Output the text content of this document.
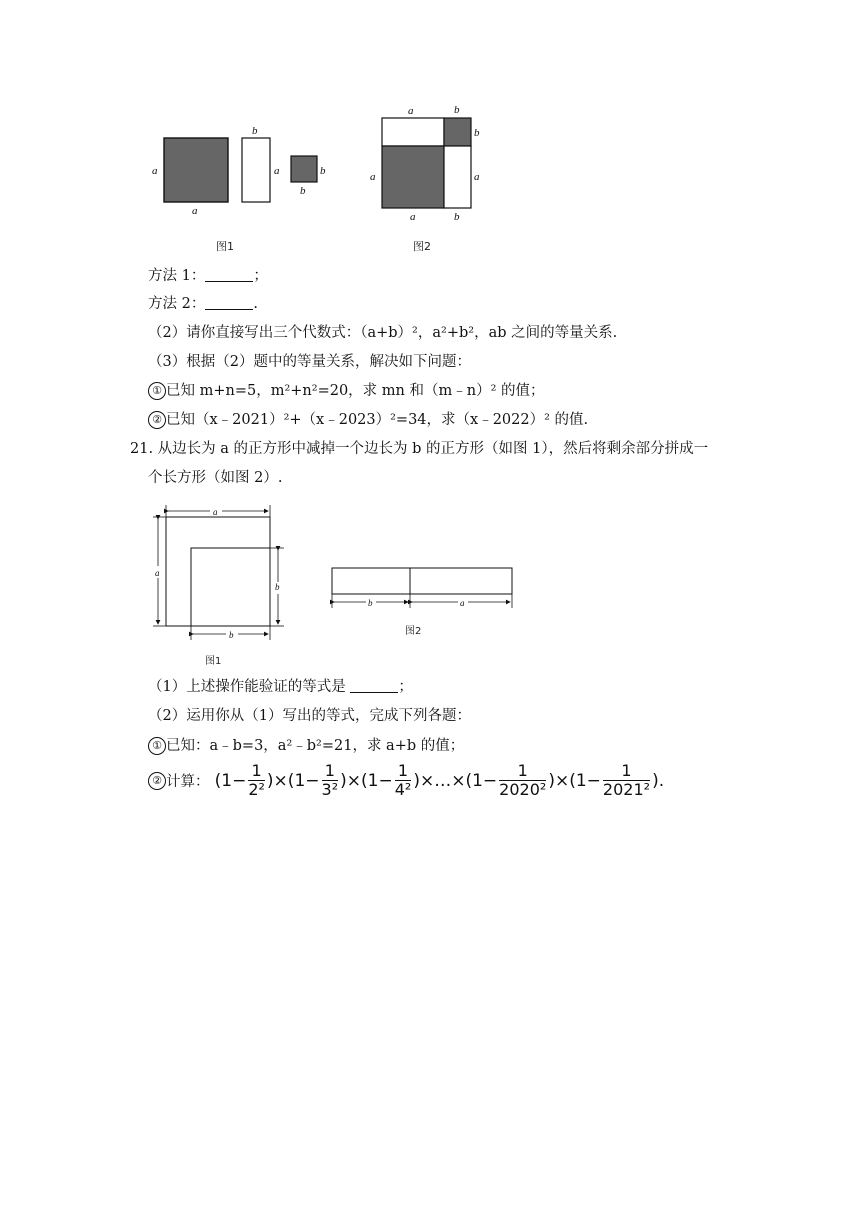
a
a
b
a	b
b
a	b
b
a
a
a	b
图1	图2
方法 1：	；
方法 2：	.
（2）请你直接写出三个代数式：（a+b）²，a²+b²，ab 之间的等量关系.
（3）根据（2）题中的等量关系，解决如下问题：
① 已知 m+n=5，m²+n²=20，求 mn 和（m﹣n）² 的值；
② 已知（x﹣2021）²+（x﹣2023）²=34，求（x﹣2022）² 的值.
21. 从边长为 a 的正方形中减掉一个边长为 b 的正方形（如图 1），然后将剩余部分拼成一
个长方形（如图 2）.
a
a
b
b
图1
b	a
图2
（1）上述操作能验证的等式是	；
（2）运用你从（1）写出的等式，完成下列各题：
① 已知：a﹣b=3，a²﹣b²=21，求 a+b 的值；
② 计算： $(1- \frac{1}{\text{2²}} )\times(1- \frac{1}{\text{3²}} )\times(1- \frac{1}{\text{4²}}$ )×…×(1− $\frac{1}{\text{2020²}} )\times(1- \frac{1}{\text{2021²}}$ ).
